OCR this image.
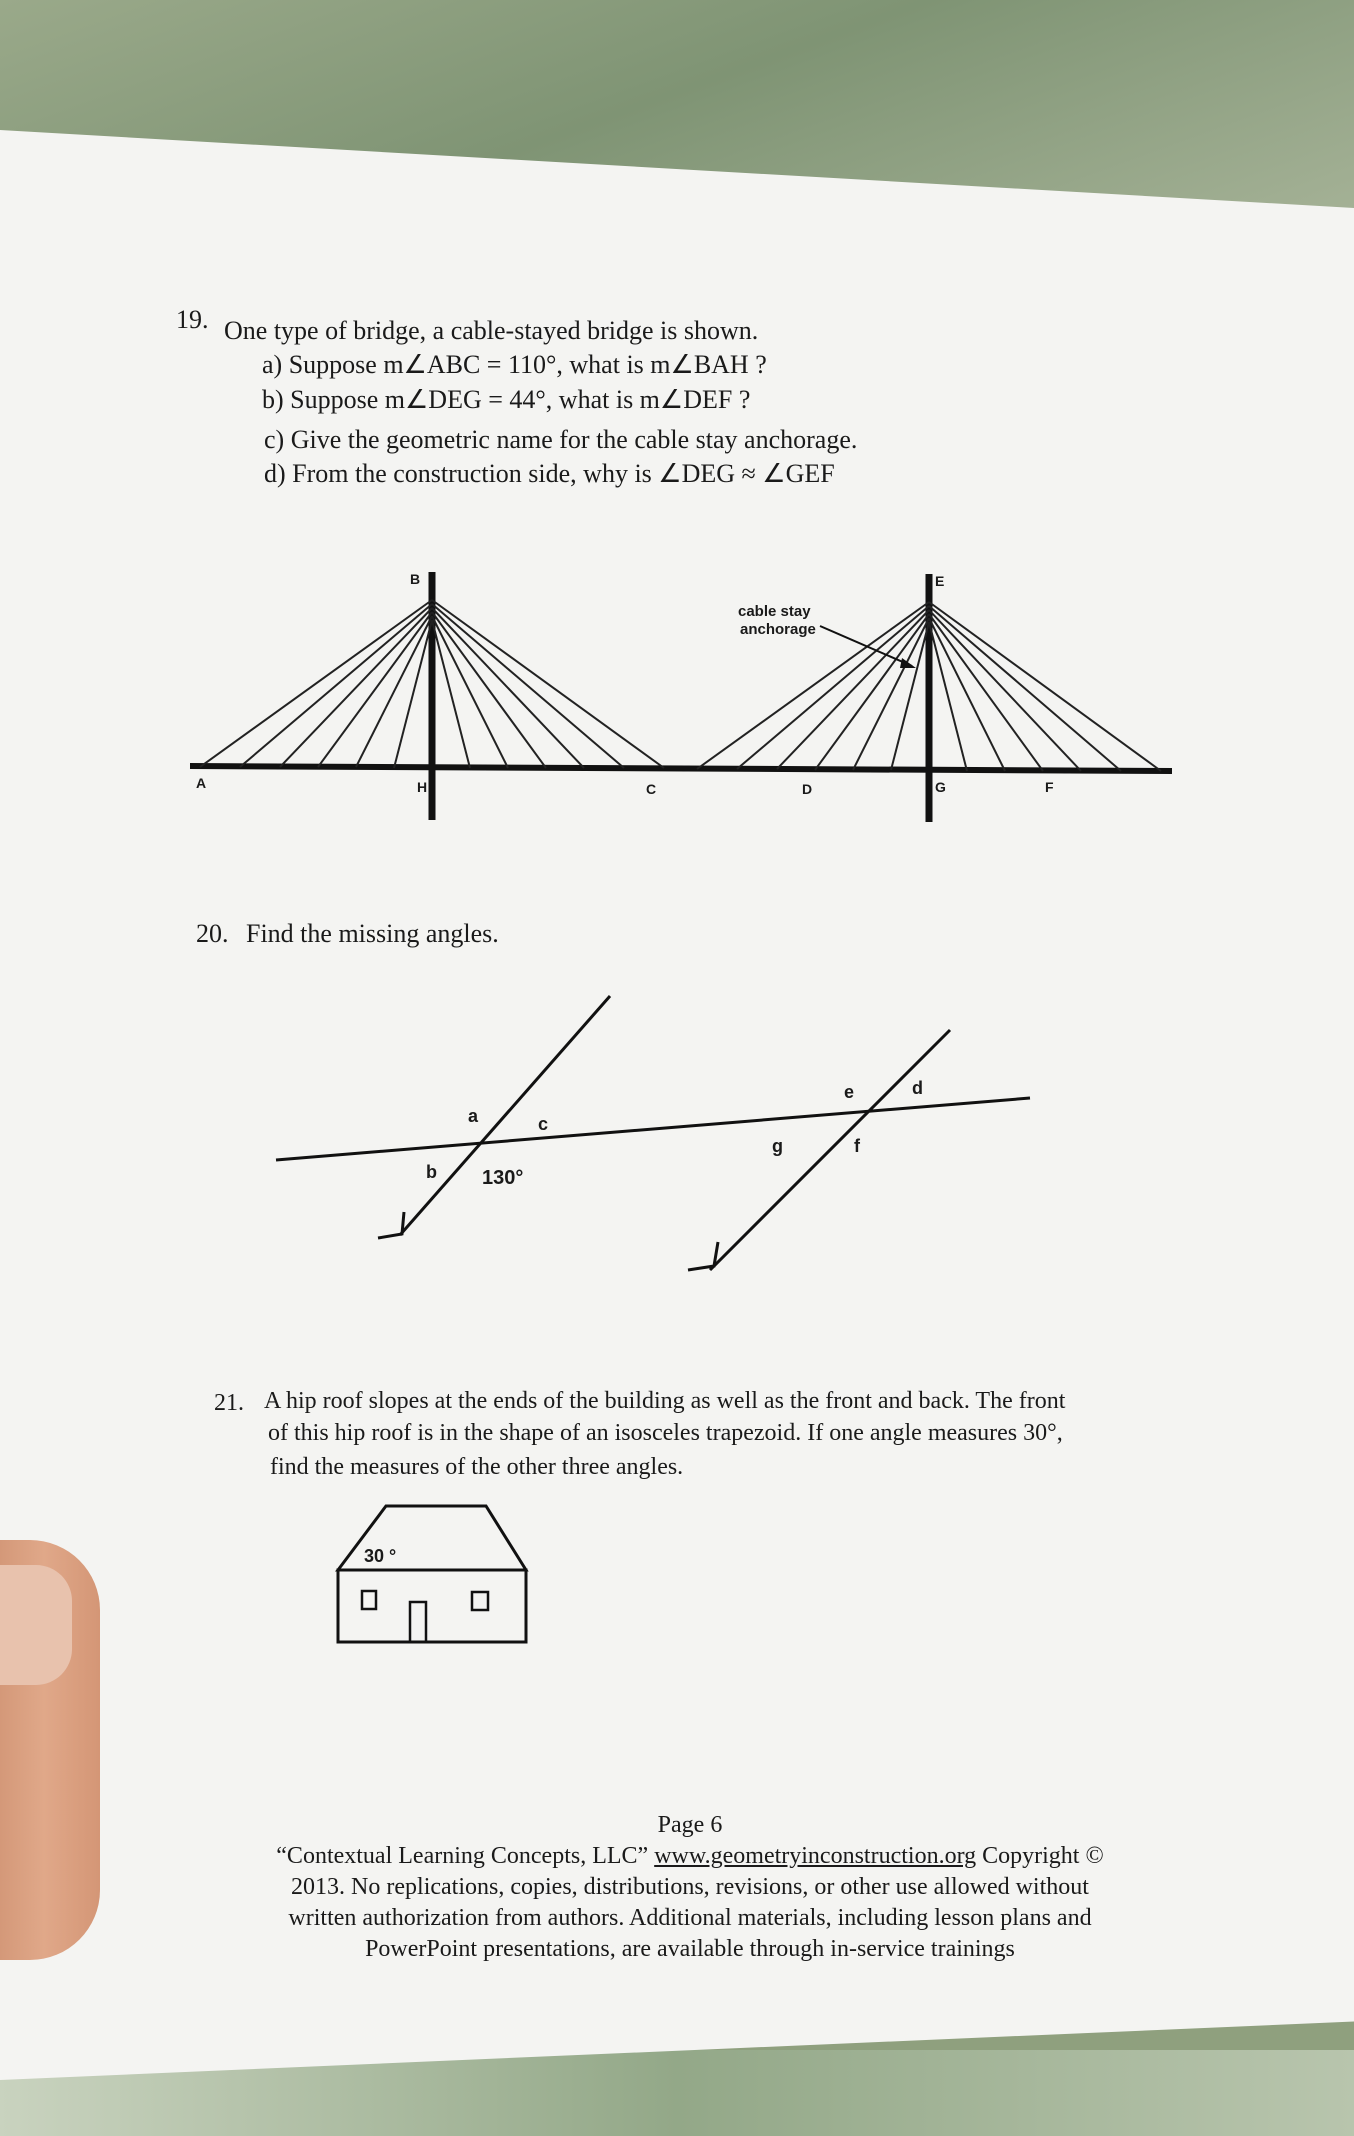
19. One type of bridge, a cable-stayed bridge is shown.
a) Suppose m∠ABC = 110°, what is m∠BAH ?
b) Suppose m∠DEG = 44°, what is m∠DEF ?
c) Give the geometric name for the cable stay anchorage.
d) From the construction side, why is ∠DEG ≈ ∠GEF
B	E
A	H	C	D	G	F
cable stay
anchorage
20. Find the missing angles.
a
b
c
d
e
f
g
130°
21. A hip roof slopes at the ends of the building as well as the front and back. The front
of this hip roof is in the shape of an isosceles trapezoid. If one angle measures 30°,
find the measures of the other three angles.
30 °
Page 6
“Contextual Learning Concepts, LLC” www.geometryinconstruction.org Copyright ©
2013. No replications, copies, distributions, revisions, or other use allowed without
written authorization from authors. Additional materials, including lesson plans and
PowerPoint presentations, are available through in-service trainings
